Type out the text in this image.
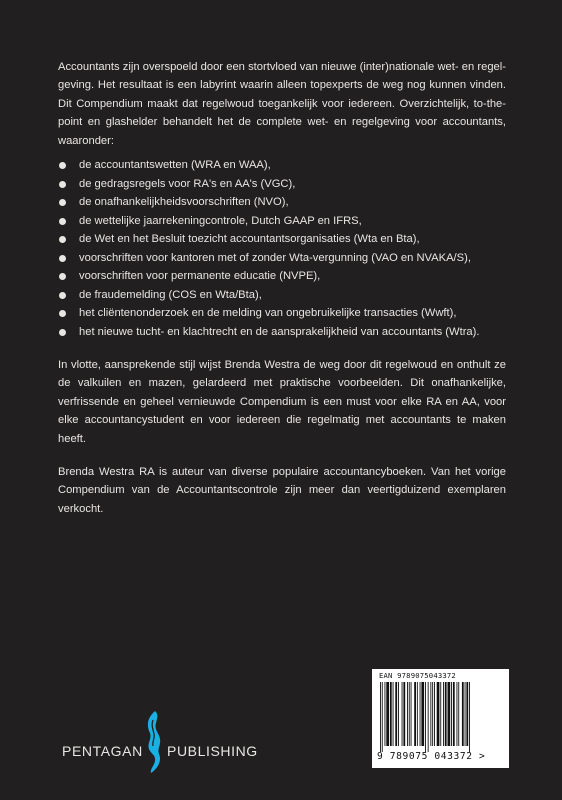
Accountants zijn overspoeld door een stortvloed van nieuwe (inter)nationale wet- en regel- geving. Het resultaat is een labyrint waarin alleen topexperts de weg nog kunnen vinden. Dit Compendium maakt dat regelwoud toegankelijk voor iedereen. Overzichtelijk, to-the-point en glashelder behandelt het de complete wet- en regelgeving voor accountants, waaronder:

de accountantswetten (WRA en WAA),
de gedragsregels voor RA's en AA's (VGC),
de onafhankelijkheidsvoorschriften (NVO),
de wettelijke jaarrekeningcontrole, Dutch GAAP en IFRS,
de Wet en het Besluit toezicht accountantsorganisaties (Wta en Bta),
voorschriften voor kantoren met of zonder Wta-vergunning (VAO en NVAKA/S),
voorschriften voor permanente educatie (NVPE),
de fraudemelding (COS en Wta/Bta),
het cliëntenonderzoek en de melding van ongebruikelijke transacties (Wwft),
het nieuwe tucht- en klachtrecht en de aansprakelijkheid van accountants (Wtra).

In vlotte, aansprekende stijl wijst Brenda Westra de weg door dit regelwoud en onthult ze de valkuilen en mazen, gelardeerd met praktische voorbeelden. Dit onafhankelijke, verfrissende en geheel vernieuwde Compendium is een must voor elke RA en AA, voor elke accountancystudent en voor iedereen die regelmatig met accountants te maken heeft.

Brenda Westra RA is auteur van diverse populaire accountancyboeken. Van het vorige Compendium van de Accountantscontrole zijn meer dan veertigduizend exemplaren verkocht.

PENTAGAN PUBLISHING
EAN 9789075043372
9 789075 043372 >
